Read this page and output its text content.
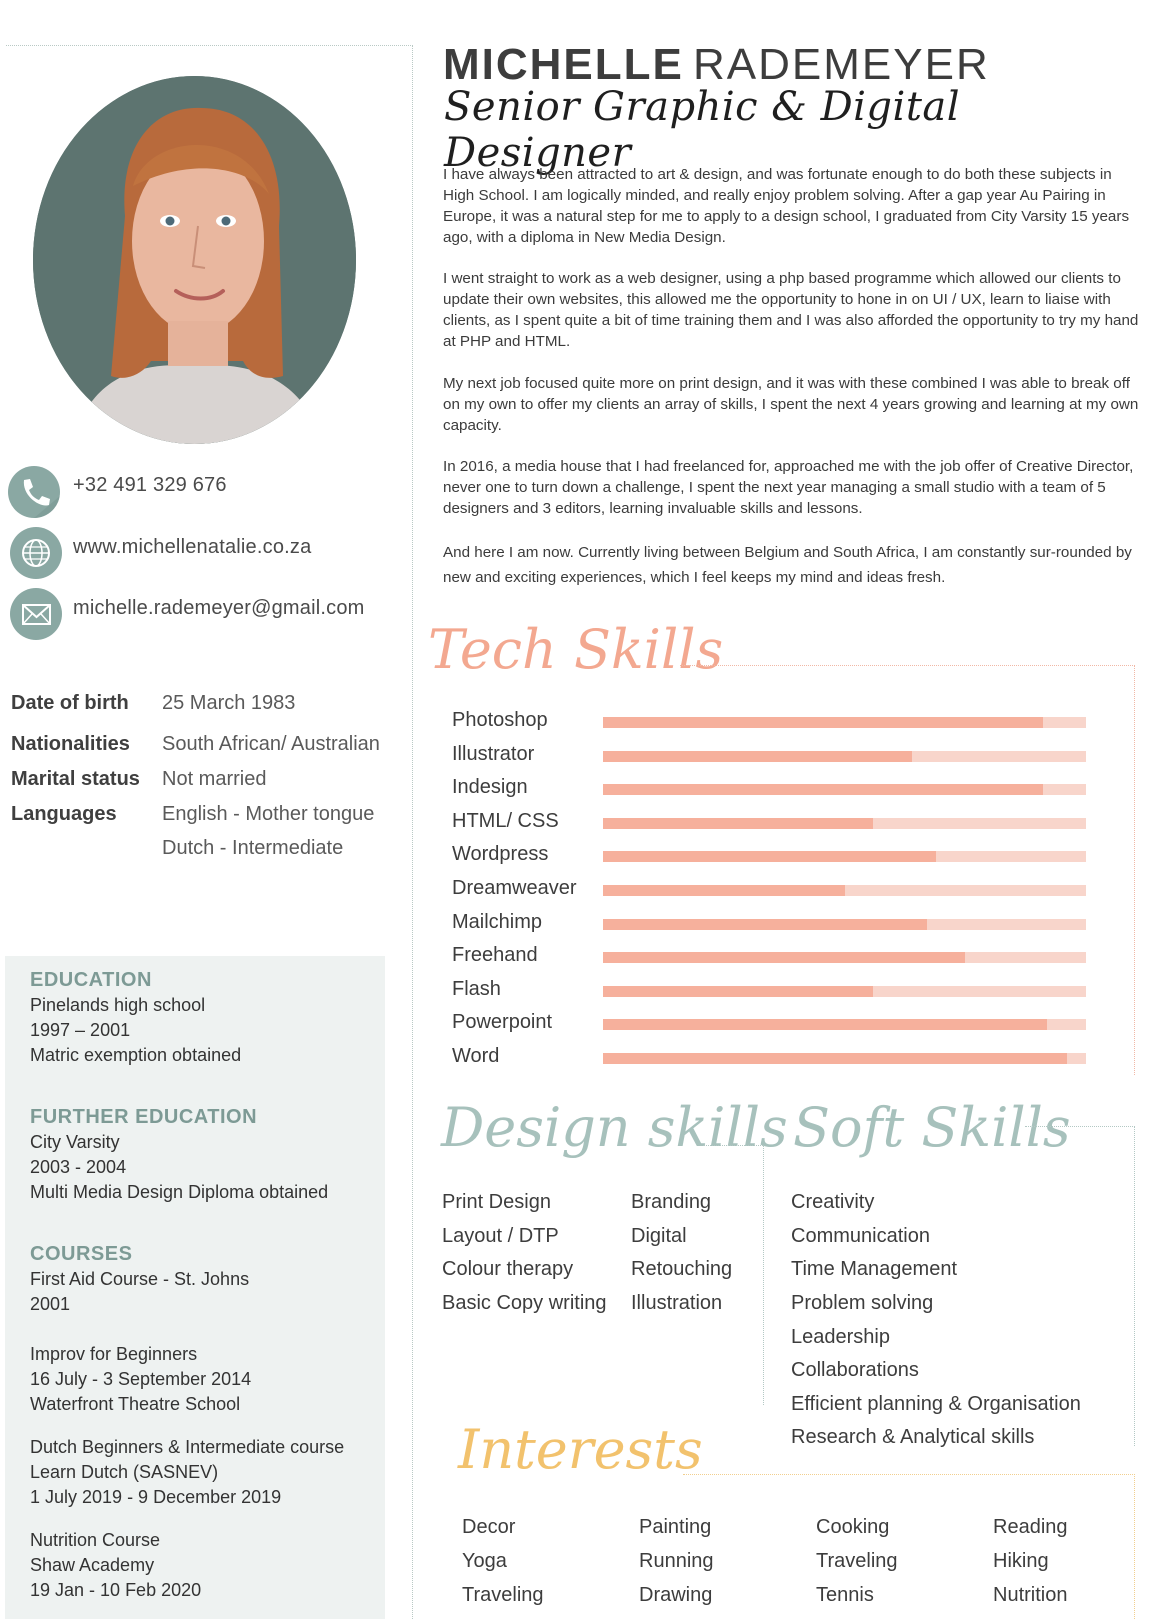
+32 491 329 676
www.michellenatalie.co.za
michelle.rademeyer@gmail.com
Date of birth 25 March 1983
Nationalities South African/ Australian
Marital status Not married
Languages English - Mother tongue
Dutch - Intermediate
EDUCATION
Pinelands high school
1997 – 2001
Matric exemption obtained
FURTHER EDUCATION
City Varsity
2003 - 2004
Multi Media Design Diploma obtained
COURSES
First Aid Course - St. Johns
2001
Improv for Beginners
16 July - 3 September 2014
Waterfront Theatre School
Dutch Beginners & Intermediate course
Learn Dutch (SASNEV)
1 July 2019 - 9 December 2019
Nutrition Course
Shaw Academy
19 Jan - 10 Feb 2020
MICHELLE RADEMEYER
Senior Graphic & Digital Designer

I have always been attracted to art & design, and was fortunate enough to do both these subjects in High School. I am logically minded, and really enjoy problem solving. After a gap year Au Pairing in Europe, it was a natural step for me to apply to a design school, I graduated from City Varsity 15 years ago, with a diploma in New Media Design.

I went straight to work as a web designer, using a php based programme which allowed our clients to update their own websites, this allowed me the opportunity to hone in on UI / UX, learn to liaise with clients, as I spent quite a bit of time training them and I was also afforded the opportunity to try my hand at PHP and HTML.

My next job focused quite more on print design, and it was with these combined I was able to break off on my own to offer my clients an array of skills, I spent the next 4 years growing and learning at my own capacity.

In 2016, a media house that I had freelanced for, approached me with the job offer of Creative Director, never one to turn down a challenge, I spent the next year managing a small studio with a team of 5 designers and 3 editors, learning invaluable skills and lessons.

And here I am now. Currently living between Belgium and South Africa, I am constantly sur-rounded by new and exciting experiences, which I feel keeps my mind and ideas fresh.

Tech Skills
Photoshop
Illustrator
Indesign
HTML/ CSS
Wordpress
Dreamweaver
Mailchimp
Freehand
Flash
Powerpoint
Word
Design skills
Print Design
Layout / DTP
Colour therapy
Basic Copy writing
Branding
Digital
Retouching
Illustration
Soft Skills
Creativity
Communication
Time Management
Problem solving
Leadership
Collaborations
Efficient planning & Organisation
Research & Analytical skills
Interests
Decor
Yoga
Traveling
Painting
Running
Drawing
Cooking
Traveling
Tennis
Reading
Hiking
Nutrition
